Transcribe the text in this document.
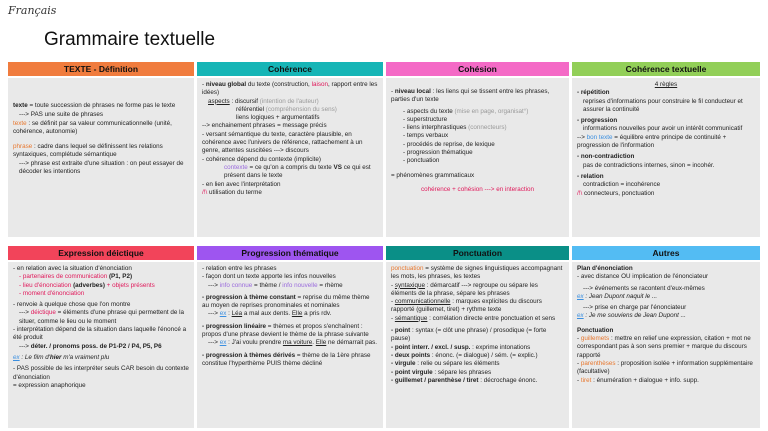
Français
Grammaire textuelle
TEXTE - Définition	Cohérence	Cohésion	Cohérence textuelle

texte = toute succession de phrases ne forme pas le texte

---> PAS une suite de phrases

texte : se définit par sa valeur communicationnelle (unité, cohérence, autonomie)

phrase : cadre dans lequel se définissent les relations syntaxiques, complétude sémantique

---> phrase est extraite d'une situation : on peut essayer de décoder les intentions

- niveau global du texte (construction, laison, rapport entre les idées)

aspects : discursif (intention de l'auteur)

référentiel (compréhension du sens)

liens logiques + argumentatifs

--> enchainement phrases = message précis

- versant sémantique du texte, caractère plausible, en cohérence avec l'univers de référence, rattachement à un genre, attentes suscitées ---> discours

- cohérence dépend du contexte (implicite)

contexte = ce qu'on a compris du texte VS ce qui est présent dans le texte

- en lien avec l'interprétation

/!\ utilisation du terme

- niveau local : les liens qui se tissent entre les phrases, parties d'un texte

- aspects du texte (mise en page, organisat°)

- superstructure

- liens interphrastiques (connecteurs)

- temps verbaux

- procédés de reprise, de lexique

- progression thématique

- ponctuation

= phénomènes grammaticaux

cohérence + cohésion ---> en interaction

4 règles

- répétition

reprises d'informations pour construire le fil conducteur et assurer la continuité

- progression

informations nouvelles pour avoir un intérêt communicatif

--> bon texte = équilibre entre principe de continuité + progression de l'information

- non-contradiction

pas de contradictions internes, sinon = incohér.

- relation

contradiction = incohérence

/!\ connecteurs, ponctuation

Expression déictique	Progression thématique	Ponctuation	Autres

- en relation avec la situation d'énonciation

- partenaires de communication (P1, P2)

- lieu d'énonciation (adverbes) + objets présents

- moment d'énonciation

- renvoie à quelque chose que l'on montre

---> déictique = éléments d'une phrase qui permettent de la situer, comme le lieu ou le moment

- interprétation dépend de la situation dans laquelle l'énoncé a été produit

---> déter. / pronoms poss. de P1-P2 / P4, P5, P6

ex : Le film d'hier m'a vraiment plu

- PAS possible de les interpréter seuls CAR besoin du contexte d'énonciation

= expression anaphorique

- relation entre les phrases

- façon dont un texte apporte les infos nouvelles

---> info connue = thème / info nouvelle = rhème

- progression à thème constant = reprise du même thème au moyen de reprises pronominales et nominales

---> ex : Léa a mal aux dents. Elle a pris rdv.

- progression linéaire = thèmes et propos s'enchaînent : propos d'une phrase devient le thème de la phrase suivante

---> ex : J'ai voulu prendre ma voiture. Elle ne démarrait pas.

- progression à thèmes dérivés = thème de la 1ère phrase constitue l'hyperthème PUIS thème décliné

ponctuation = système de signes linguistiques accompagnant les mots, les phrases, les textes

- syntaxique : démarcatif ---> regroupe ou sépare les éléments de la phrase, sépare les phrases

- communicationnelle : marques explicites du discours rapporté (guillemet, tiret) + rythme texte

- sémantique : corrélation directe entre ponctuation et sens

- point : syntax (= clôt une phrase) / prosodique (= forte pause)

- point interr. / excl. / susp. : exprime intonations

- deux points : énonc. (= dialogue) / sém. (= explic.)

- virgule : relie ou sépare les éléments

- point virgule : sépare les phrases

- guillemet / parenthèse / tiret : décrochage énonc.

Plan d'énonciation

- avec distance OU implication de l'énonciateur

---> événements se racontent d'eux-mêmes

ex : Jean Dupont naquit le ...

---> prise en charge par l'énonciateur

ex : Je me souviens de Jean Dupont ...

Ponctuation

- guillemets : mettre en relief une expression, citation + mot ne correspondant pas à son sens premier + marque du discours rapporté

- parenthèses : proposition isolée + information supplémentaire (facultative)

- tiret : énumération + dialogue + info. supp.
